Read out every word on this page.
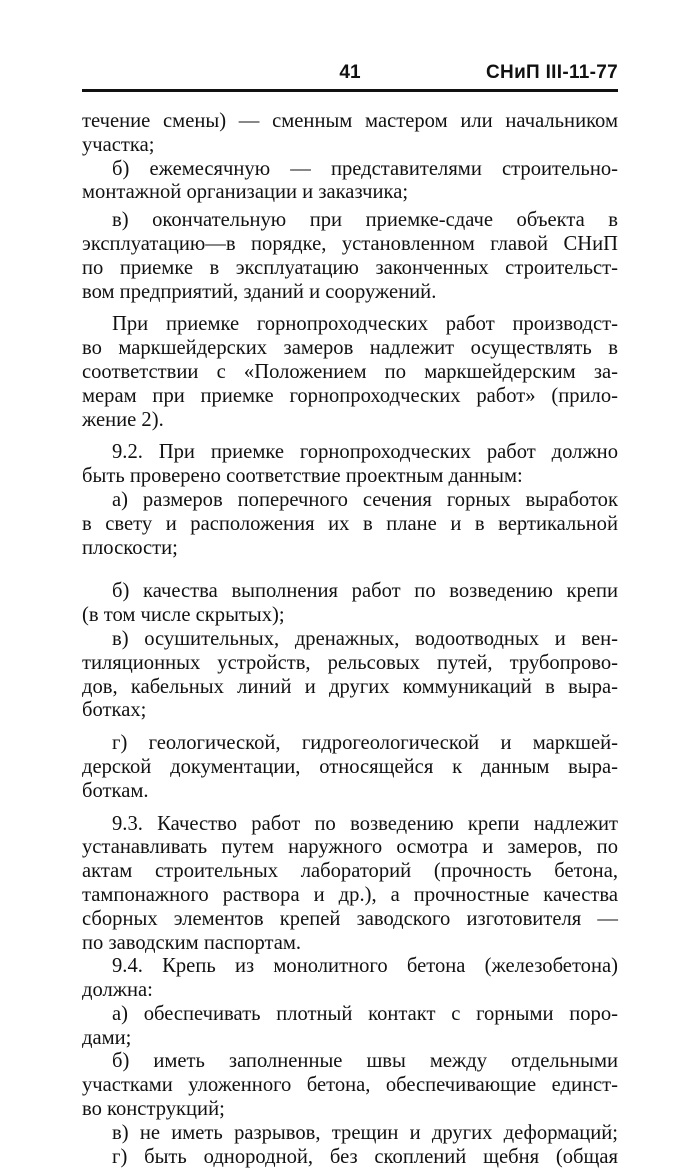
41	СНиП III-11-77
течение смены) — сменным мастером или начальником
участка;
б) ежемесячную — представителями строительно-
монтажной организации и заказчика;
в) окончательную при приемке-сдаче объекта в
эксплуатацию—в порядке, установленном главой СНиП
по приемке в эксплуатацию законченных строительст-
вом предприятий, зданий и сооружений.
При приемке горнопроходческих работ производст-
во маркшейдерских замеров надлежит осуществлять в
соответствии с «Положением по маркшейдерским за-
мерам при приемке горнопроходческих работ» (прило-
жение 2).
9.2. При приемке горнопроходческих работ должно
быть проверено соответствие проектным данным:
а) размеров поперечного сечения горных выработок
в свету и расположения их в плане и в вертикальной
плоскости;
б) качества выполнения работ по возведению крепи
(в том числе скрытых);
в) осушительных, дренажных, водоотводных и вен-
тиляционных устройств, рельсовых путей, трубопрово-
дов, кабельных линий и других коммуникаций в выра-
ботках;
г) геологической, гидрогеологической и маркшей-
дерской документации, относящейся к данным выра-
боткам.
9.3. Качество работ по возведению крепи надлежит
устанавливать путем наружного осмотра и замеров, по
актам строительных лабораторий (прочность бетона,
тампонажного раствора и др.), а прочностные качества
сборных элементов крепей заводского изготовителя —
по заводским паспортам.
9.4. Крепь из монолитного бетона (железобетона)
должна:
а) обеспечивать плотный контакт с горными поро-
дами;
б) иметь заполненные швы между отдельными
участками уложенного бетона, обеспечивающие единст-
во конструкций;
в) не иметь разрывов, трещин и других деформаций;
г) быть однородной, без скоплений щебня (общая
